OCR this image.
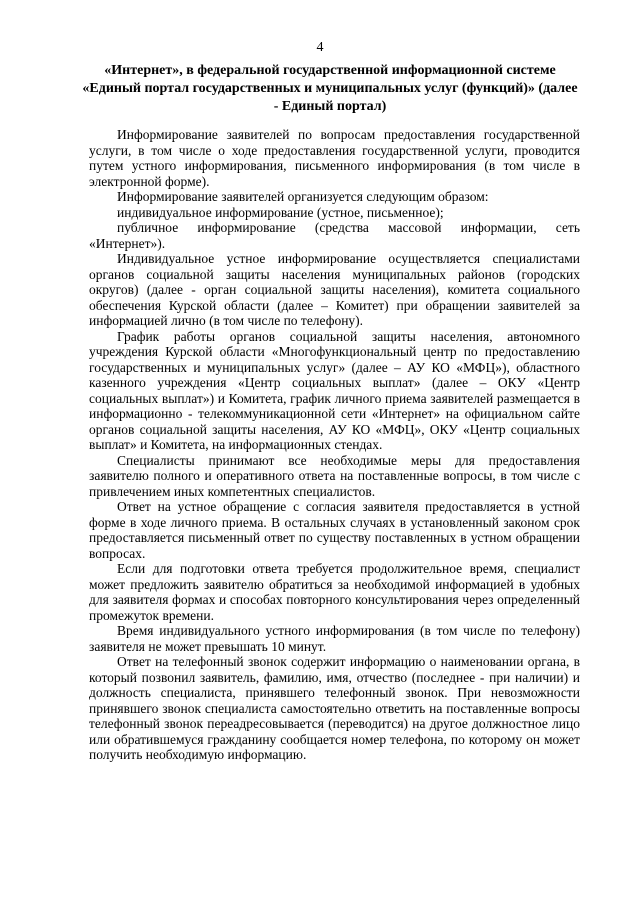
4
«Интернет», в федеральной государственной информационной системе «Единый портал государственных и муниципальных услуг (функций)» (далее - Единый портал)

Информирование заявителей по вопросам предоставления государственной услуги, в том числе о ходе предоставления государственной услуги, проводится путем устного информирования, письменного информирования (в том числе в электронной форме).

Информирование заявителей организуется следующим образом:

индивидуальное информирование (устное, письменное);

публичное информирование (средства массовой информации, сеть «Интернет»).

Индивидуальное устное информирование осуществляется специалистами органов социальной защиты населения муниципальных районов (городских округов) (далее - орган социальной защиты населения), комитета социального обеспечения Курской области (далее – Комитет) при обращении заявителей за информацией лично (в том числе по телефону).

График работы органов социальной защиты населения, автономного учреждения Курской области «Многофункциональный центр по предоставлению государственных и муниципальных услуг» (далее – АУ КО «МФЦ»), областного казенного учреждения «Центр социальных выплат» (далее – ОКУ «Центр социальных выплат») и Комитета, график личного приема заявителей размещается в информационно - телекоммуникационной сети «Интернет» на официальном сайте органов социальной защиты населения, АУ КО «МФЦ», ОКУ «Центр социальных выплат» и Комитета, на информационных стендах.

Специалисты принимают все необходимые меры для предоставления заявителю полного и оперативного ответа на поставленные вопросы, в том числе с привлечением иных компетентных специалистов.

Ответ на устное обращение с согласия заявителя предоставляется в устной форме в ходе личного приема. В остальных случаях в установленный законом срок предоставляется письменный ответ по существу поставленных в устном обращении вопросах.

Если для подготовки ответа требуется продолжительное время, специалист может предложить заявителю обратиться за необходимой информацией в удобных для заявителя формах и способах повторного консультирования через определенный промежуток времени.

Время индивидуального устного информирования (в том числе по телефону) заявителя не может превышать 10 минут.

Ответ на телефонный звонок содержит информацию о наименовании органа, в который позвонил заявитель, фамилию, имя, отчество (последнее - при наличии) и должность специалиста, принявшего телефонный звонок. При невозможности принявшего звонок специалиста самостоятельно ответить на поставленные вопросы телефонный звонок переадресовывается (переводится) на другое должностное лицо или обратившемуся гражданину сообщается номер телефона, по которому он может получить необходимую информацию.
